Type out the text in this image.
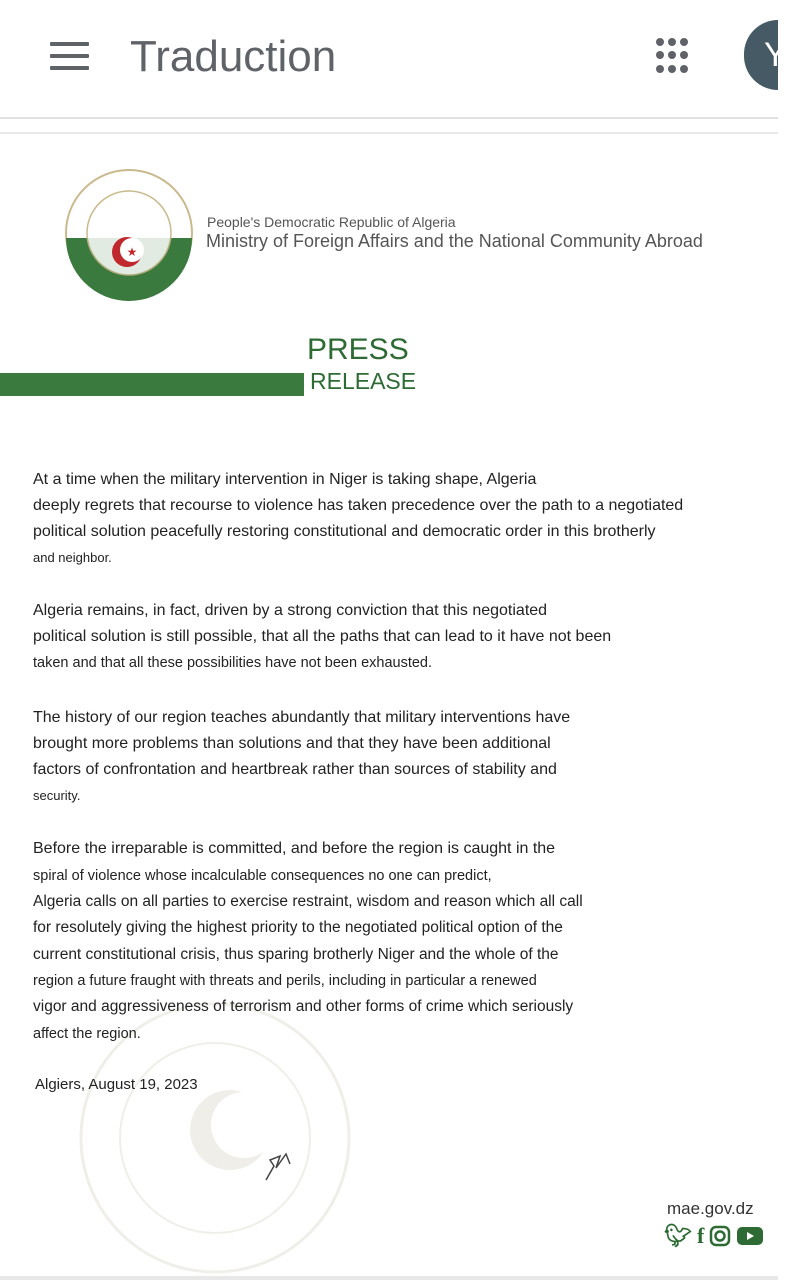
Traduction	Y
★
People's Democratic Republic of Algeria
Ministry of Foreign Affairs and the National Community Abroad
PRESS
RELEASE
At a time when the military intervention in Niger is taking shape, Algeria
deeply regrets that recourse to violence has taken precedence over the path to a negotiated
political solution peacefully restoring constitutional and democratic order in this brotherly
and neighbor.
Algeria remains, in fact, driven by a strong conviction that this negotiated
political solution is still possible, that all the paths that can lead to it have not been
taken and that all these possibilities have not been exhausted.
The history of our region teaches abundantly that military interventions have
brought more problems than solutions and that they have been additional
factors of confrontation and heartbreak rather than sources of stability and
security.
Before the irreparable is committed, and before the region is caught in the
spiral of violence whose incalculable consequences no one can predict,
Algeria calls on all parties to exercise restraint, wisdom and reason which all call
for resolutely giving the highest priority to the negotiated political option of the
current constitutional crisis, thus sparing brotherly Niger and the whole of the
region a future fraught with threats and perils, including in particular a renewed
vigor and aggressiveness of terrorism and other forms of crime which seriously
affect the region.
Algiers, August 19, 2023
mae.gov.dz
🐦︎ f
